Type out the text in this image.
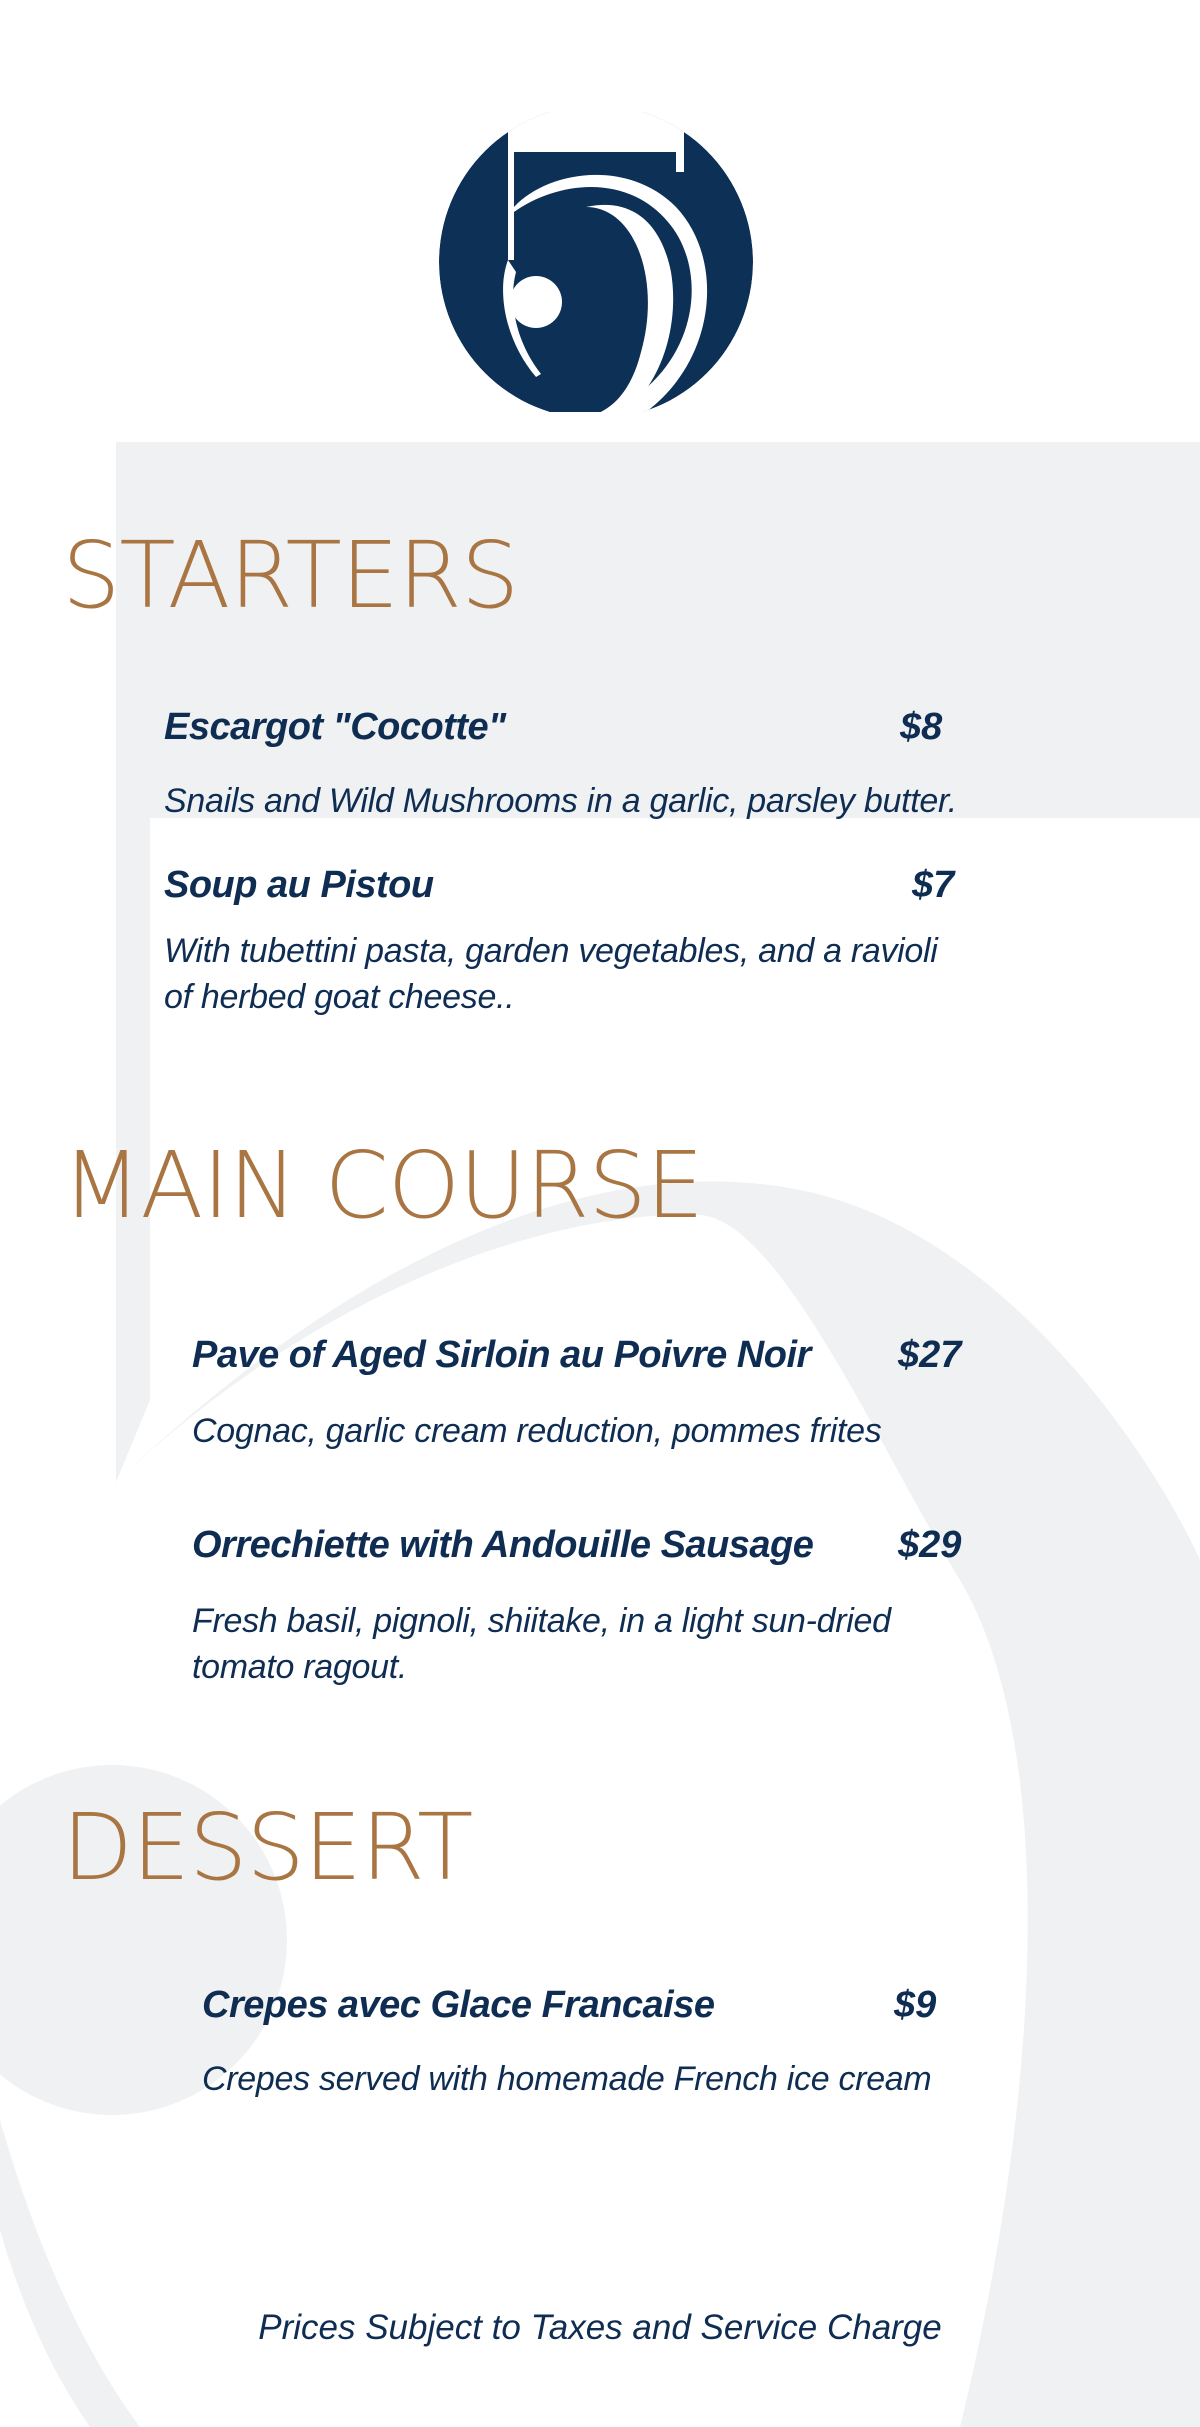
STARTERS
Escargot "Cocotte"	$8

Snails and Wild Mushrooms in a garlic, parsley butter.

Soup au Pistou	$7

With tubettini pasta, garden vegetables, and a ravioli
of herbed goat cheese..

MAIN COURSE
Pave of Aged Sirloin au Poivre Noir $27

Cognac, garlic cream reduction, pommes frites

Orrechiette with Andouille Sausage $29

Fresh basil, pignoli, shiitake, in a light sun-dried
tomato ragout.

DESSERT
Crepes avec Glace Francaise	$9

Crepes served with homemade French ice cream

Prices Subject to Taxes and Service Charge
